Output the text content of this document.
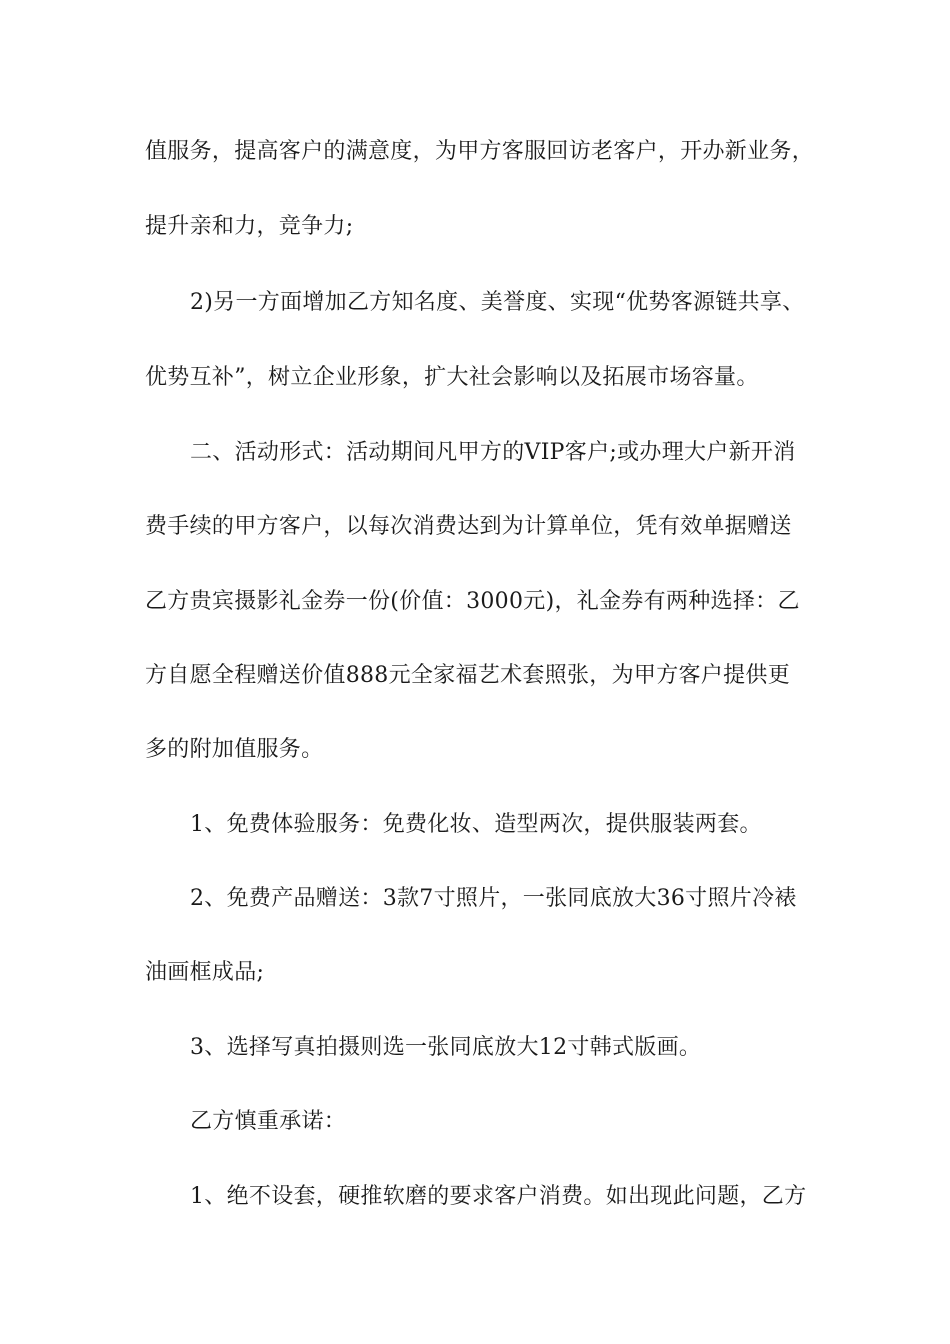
值服务，提高客户的满意度，为甲方客服回访老客户，开办新业务，
提升亲和力，竞争力;
2)另一方面增加乙方知名度、美誉度、实现“优势客源链共享、
优势互补”，树立企业形象，扩大社会影响以及拓展市场容量。
二、活动形式：活动期间凡甲方的VIP客户;或办理大户新开消
费手续的甲方客户，以每次消费达到为计算单位，凭有效单据赠送
乙方贵宾摄影礼金券一份(价值：3000元)，礼金券有两种选择：乙
方自愿全程赠送价值888元全家福艺术套照张，为甲方客户提供更
多的附加值服务。
1、免费体验服务：免费化妆、造型两次，提供服装两套。
2、免费产品赠送：3款7寸照片，一张同底放大36寸照片冷裱
油画框成品;
3、选择写真拍摄则选一张同底放大12寸韩式版画。
乙方慎重承诺：
1、绝不设套，硬推软磨的要求客户消费。如出现此问题，乙方
